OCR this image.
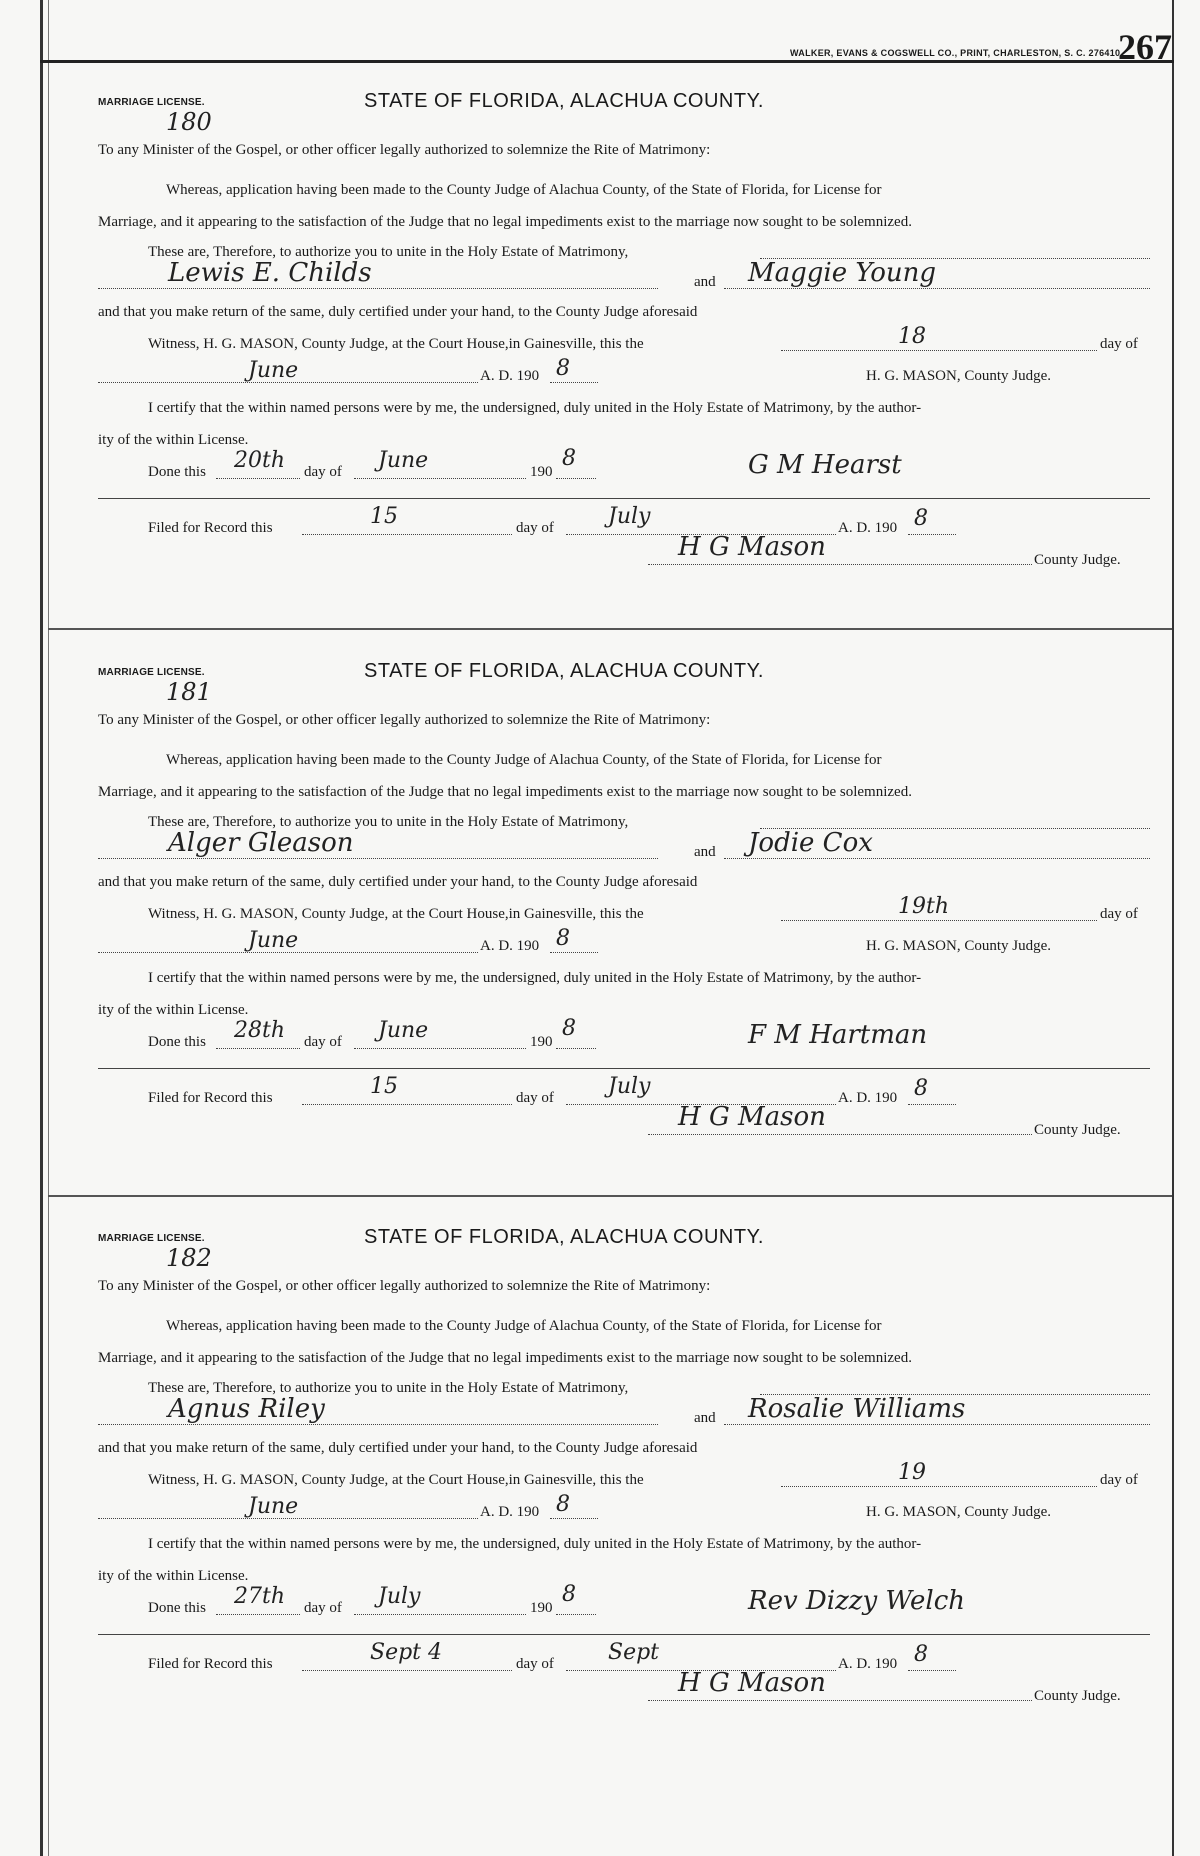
WALKER, EVANS & COGSWELL CO., PRINT, CHARLESTON, S. C. 276410
267
MARRIAGE LICENSE.
180
STATE OF FLORIDA, ALACHUA COUNTY.
To any Minister of the Gospel, or other officer legally authorized to solemnize the Rite of Matrimony:
Whereas, application having been made to the County Judge of Alachua County, of the State of Florida, for License for
Marriage, and it appearing to the satisfaction of the Judge that no legal impediments exist to the marriage now sought to be solemnized.
These are, Therefore, to authorize you to unite in the Holy Estate of Matrimony,
Lewis E. Childs	and Maggie Young
and that you make return of the same, duly certified under your hand, to the County Judge aforesaid
Witness, H. G. MASON, County Judge, at the Court House,in Gainesville, this the	18	day of
June	A. D. 190 8	H. G. MASON, County Judge.
I certify that the within named persons were by me, the undersigned, duly united in the Holy Estate of Matrimony, by the author-
ity of the within License.
Done this 20th day of June	190
8	G M Hearst
Filed for Record this	15	day of July	A. D. 190 8
H G Mason	County Judge.
MARRIAGE LICENSE.
181
STATE OF FLORIDA, ALACHUA COUNTY.
To any Minister of the Gospel, or other officer legally authorized to solemnize the Rite of Matrimony:
Whereas, application having been made to the County Judge of Alachua County, of the State of Florida, for License for
Marriage, and it appearing to the satisfaction of the Judge that no legal impediments exist to the marriage now sought to be solemnized.
These are, Therefore, to authorize you to unite in the Holy Estate of Matrimony,
Alger Gleason	and Jodie Cox
and that you make return of the same, duly certified under your hand, to the County Judge aforesaid
Witness, H. G. MASON, County Judge, at the Court House,in Gainesville, this the	19th	day of
June	A. D. 190 8	H. G. MASON, County Judge.
I certify that the within named persons were by me, the undersigned, duly united in the Holy Estate of Matrimony, by the author-
ity of the within License.
Done this 28th day of June	190
8	F M Hartman
Filed for Record this	15	day of July	A. D. 190 8
H G Mason	County Judge.
MARRIAGE LICENSE.
182
STATE OF FLORIDA, ALACHUA COUNTY.
To any Minister of the Gospel, or other officer legally authorized to solemnize the Rite of Matrimony:
Whereas, application having been made to the County Judge of Alachua County, of the State of Florida, for License for
Marriage, and it appearing to the satisfaction of the Judge that no legal impediments exist to the marriage now sought to be solemnized.
These are, Therefore, to authorize you to unite in the Holy Estate of Matrimony,
Agnus Riley	and Rosalie Williams
and that you make return of the same, duly certified under your hand, to the County Judge aforesaid
Witness, H. G. MASON, County Judge, at the Court House,in Gainesville, this the	19	day of
June	A. D. 190 8	H. G. MASON, County Judge.
I certify that the within named persons were by me, the undersigned, duly united in the Holy Estate of Matrimony, by the author-
ity of the within License.
Done this 27th day of July	190
8	Rev Dizzy Welch
Filed for Record this	Sept 4	day of Sept	A. D. 190 8
H G Mason	County Judge.
